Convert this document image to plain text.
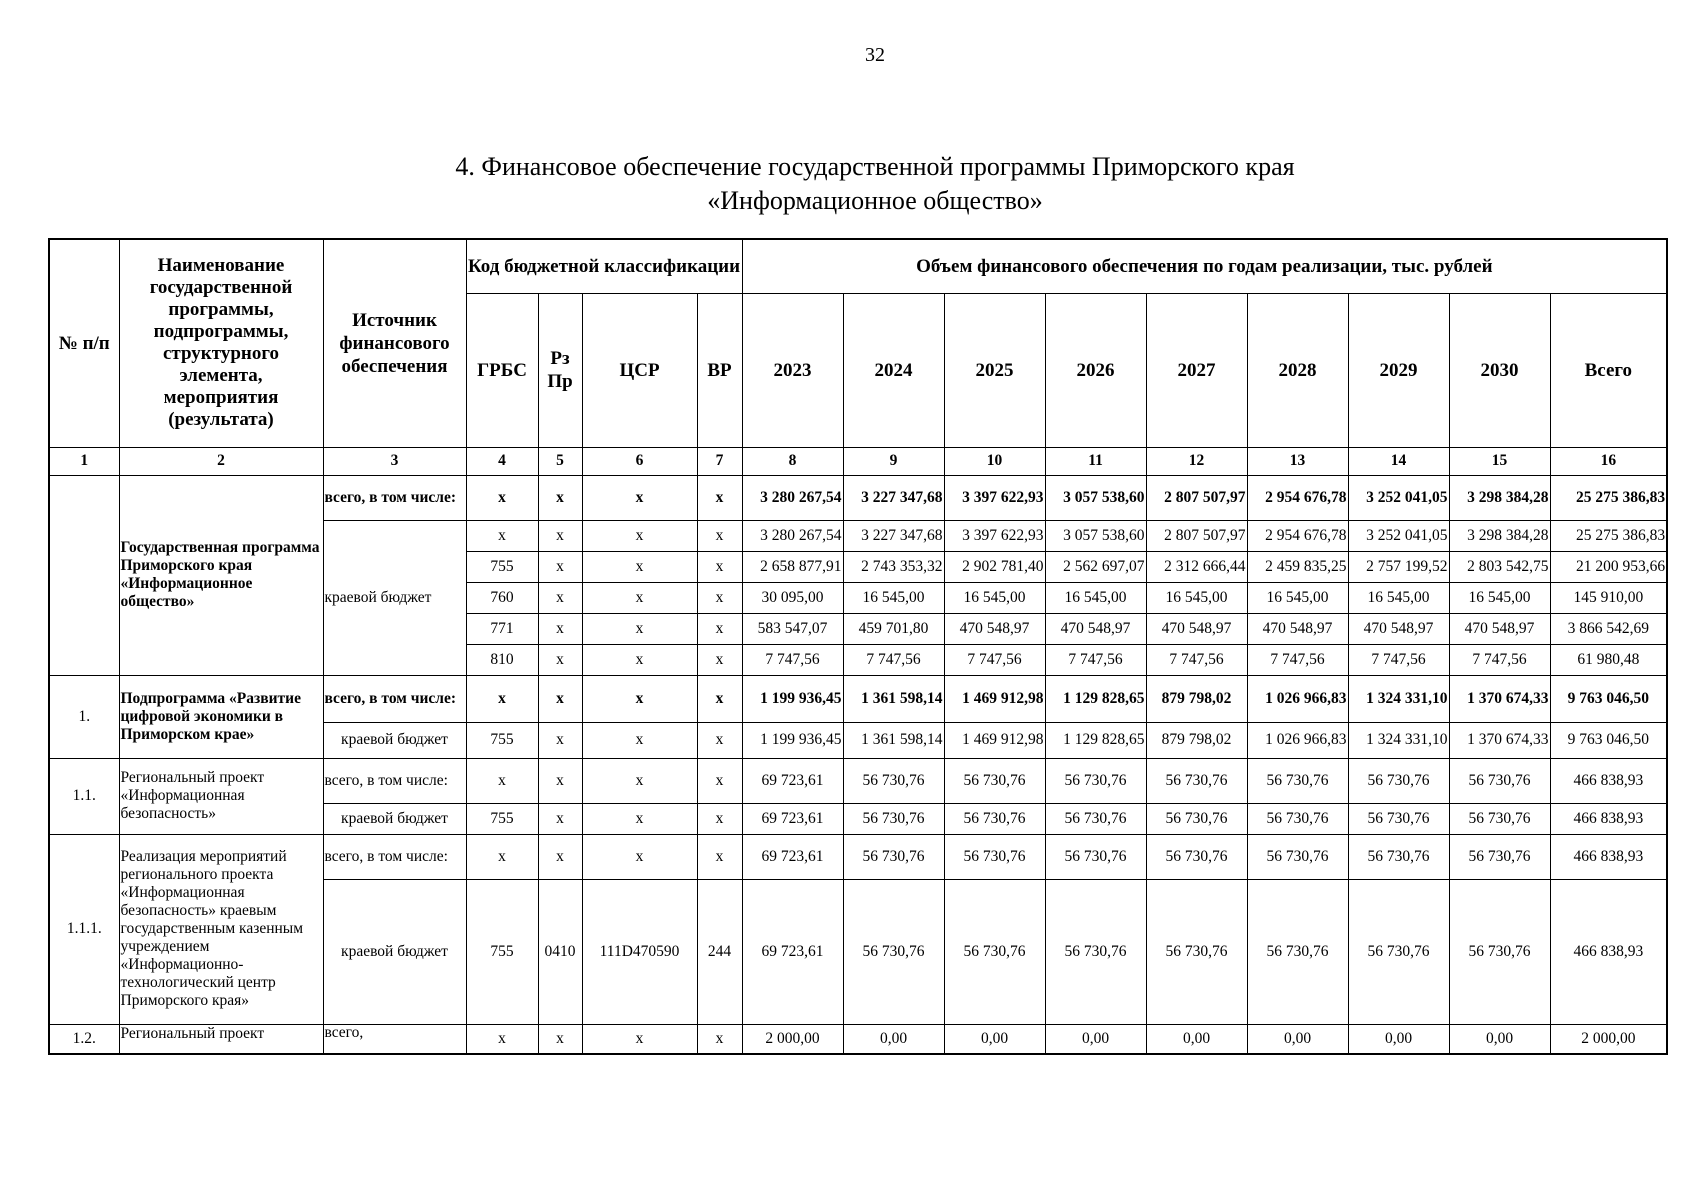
32
4. Финансовое обеспечение государственной программы Приморского края
«Информационное общество»
№ п/п	Наименование государственной программы, подпрограммы, структурного элемента, мероприятия (результата)	Источник финансового обеспечения	Код бюджетной классификации				Объем финансового обеспечения по годам реализации, тыс. рублей								
			ГРБС	Рз Пр	ЦСР	ВР	2023	2024	2025	2026	2027	2028	2029	2030	Всего
1	2	3	4	5	6	7	8	9	10	11	12	13	14	15	16
	Государственная программа Приморского края «Информационное общество»	всего, в том числе:	х	х	х	х	3 280 267,54	3 227 347,68	3 397 622,93	3 057 538,60	2 807 507,97	2 954 676,78	3 252 041,05	3 298 384,28	25 275 386,83
		краевой бюджет	х	х	х	х	3 280 267,54	3 227 347,68	3 397 622,93	3 057 538,60	2 807 507,97	2 954 676,78	3 252 041,05	3 298 384,28	25 275 386,83
			755	х	х	х	2 658 877,91	2 743 353,32	2 902 781,40	2 562 697,07	2 312 666,44	2 459 835,25	2 757 199,52	2 803 542,75	21 200 953,66
			760	х	х	х	30 095,00	16 545,00	16 545,00	16 545,00	16 545,00	16 545,00	16 545,00	16 545,00	145 910,00
			771	х	х	х	583 547,07	459 701,80	470 548,97	470 548,97	470 548,97	470 548,97	470 548,97	470 548,97	3 866 542,69
			810	х	х	х	7 747,56	7 747,56	7 747,56	7 747,56	7 747,56	7 747,56	7 747,56	7 747,56	61 980,48
1.	Подпрограмма «Развитие цифровой экономики в Приморском крае»	всего, в том числе:	х	х	х	х	1 199 936,45	1 361 598,14	1 469 912,98	1 129 828,65	879 798,02	1 026 966,83	1 324 331,10	1 370 674,33	9 763 046,50
		краевой бюджет	755	х	х	х	1 199 936,45	1 361 598,14	1 469 912,98	1 129 828,65	879 798,02	1 026 966,83	1 324 331,10	1 370 674,33	9 763 046,50
1.1.	Региональный проект «Информационная безопасность»	всего, в том числе:	х	х	х	х	69 723,61	56 730,76	56 730,76	56 730,76	56 730,76	56 730,76	56 730,76	56 730,76	466 838,93
		краевой бюджет	755	х	х	х	69 723,61	56 730,76	56 730,76	56 730,76	56 730,76	56 730,76	56 730,76	56 730,76	466 838,93
1.1.1.	Реализация мероприятий регионального проекта «Информационная безопасность» краевым государственным казенным учреждением «Информационно-технологический центр Приморского края»	всего, в том числе:	х	х	х	х	69 723,61	56 730,76	56 730,76	56 730,76	56 730,76	56 730,76	56 730,76	56 730,76	466 838,93
		краевой бюджет	755	0410	111D470590	244	69 723,61	56 730,76	56 730,76	56 730,76	56 730,76	56 730,76	56 730,76	56 730,76	466 838,93
1.2.	Региональный проект	всего,	х	х	х	х	2 000,00	0,00	0,00	0,00	0,00	0,00	0,00	0,00	2 000,00
